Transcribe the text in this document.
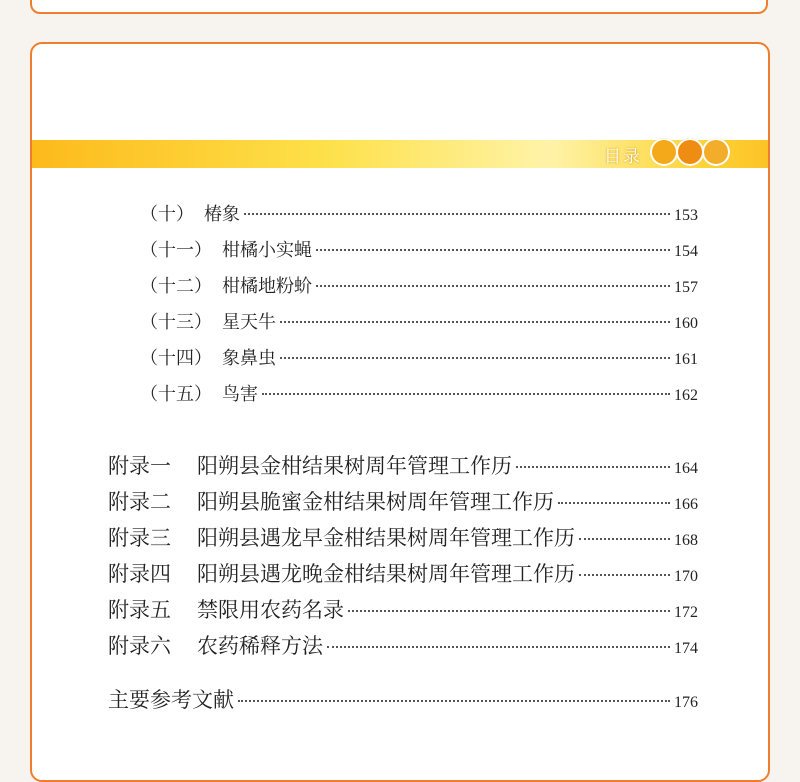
目录
（十） 椿象	153
（十一） 柑橘小实蝇	154
（十二） 柑橘地粉蚧	157
（十三） 星天牛	160
（十四） 象鼻虫	161
（十五） 鸟害	162
附录一 阳朔县金柑结果树周年管理工作历	164
附录二 阳朔县脆蜜金柑结果树周年管理工作历	166
附录三 阳朔县遇龙早金柑结果树周年管理工作历	168
附录四 阳朔县遇龙晚金柑结果树周年管理工作历	170
附录五 禁限用农药名录	172
附录六 农药稀释方法	174
主要参考文献	176
